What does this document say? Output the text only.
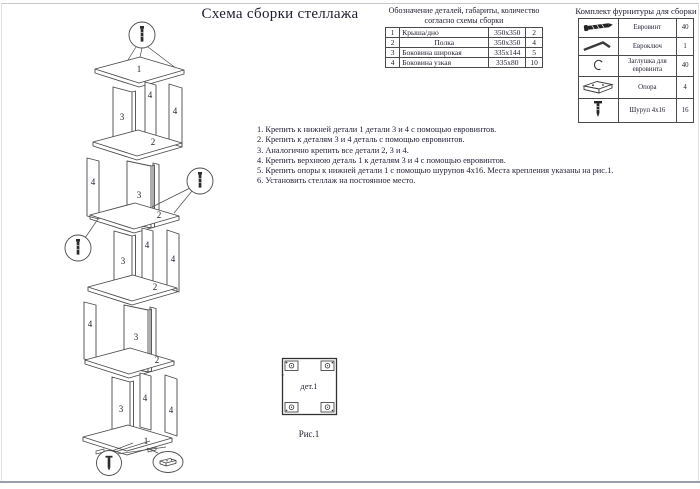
Схема сборки стеллажа	Обозначение деталей, габариты, количество
согласно схемы сборки
1	Крыша/дно	350х350	2
2	Полка	350х350	4
3	Боковина широкая	335х144	5
4	Боковина узкая	335х80	10
Комплект фурнитуры для сборки
	Евровинт	40
	Евроключ	1
	Заглушка для евровинта	40
	Опора	4
	Шуруп 4х16	16
1. Крепить к нижней детали 1 детали 3 и 4 с помощью евровинтов.
2. Крепить к деталям 3 и 4 деталь с помощью евровинтов.
3. Аналогично крепить все детали 2, 3 и 4.
4. Крепить верхнюю деталь 1 к деталям 3 и 4 с помощью евровинтов.
5. Крепить опоры к нижней детали 1 с помощью шурупов 4х16. Места крепления указаны на рис.1.
6. Установить стеллаж на постоянное место.
1
4
4
3
2
4
3
2
4
4
3
2
4
3
2
4
4
3
1
дет.1
Рис.1
